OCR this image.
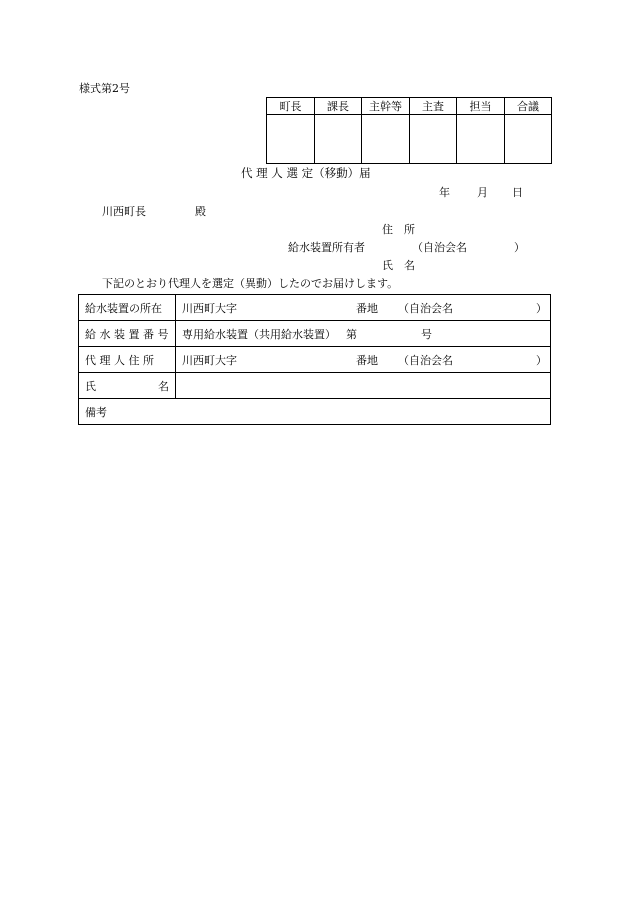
様式第2号
町長	課長	主幹等	主査	担当	合議

代 理 人 選 定（移動）届
年 月 日
川西町長	殿
住　所
給水装置所有者	（自治会名	）
氏　名
下記のとおり代理人を選定（異動）したのでお届けします。
給水装置の所在	川西町大字 番地 （自治会名 ）

給 水 装 置 番 号	専用給水装置（共用給水装置） 第 号

代 理 人 住 所	川西町大字 番地 （自治会名 ）

氏 名	

備考	
